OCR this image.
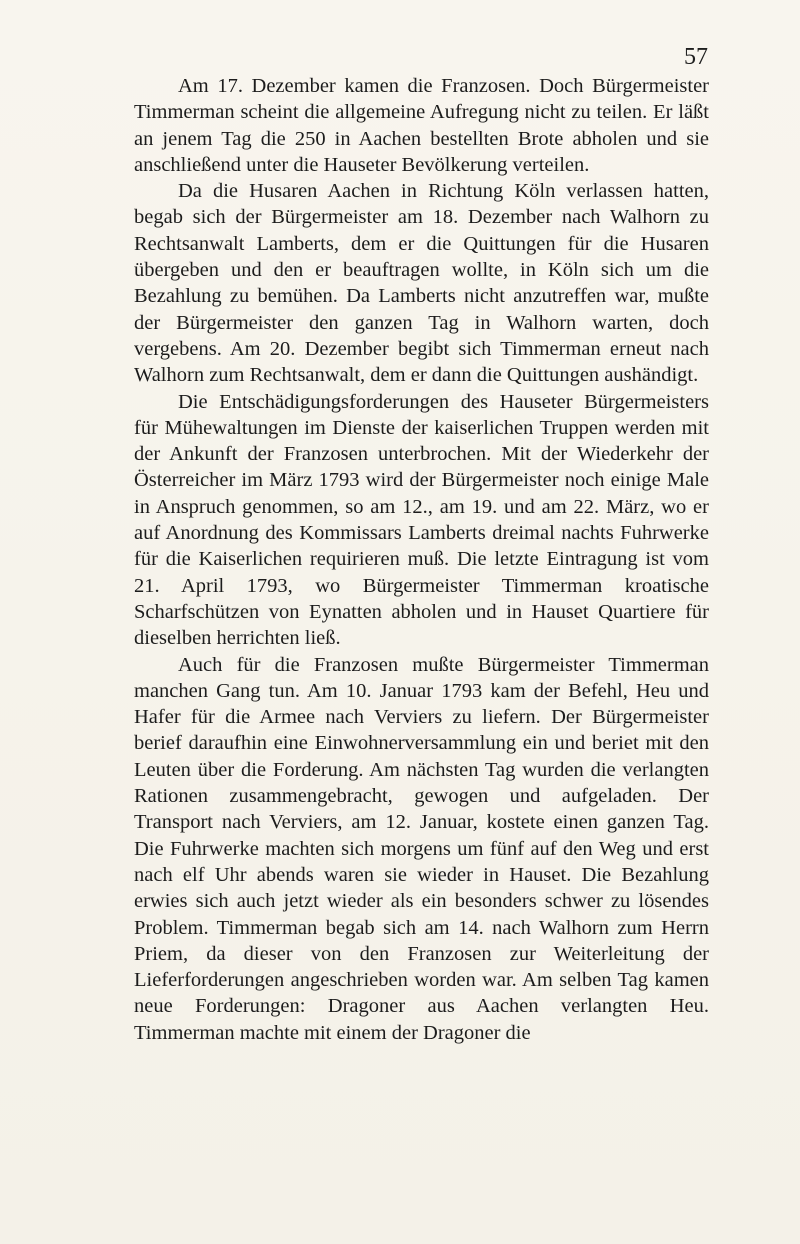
57

Am 17. Dezember kamen die Franzosen. Doch Bürgermeister Timmerman scheint die allgemeine Aufregung nicht zu teilen. Er läßt an jenem Tag die 250 in Aachen bestellten Brote abholen und sie anschließend unter die Hauseter Bevölkerung verteilen.

Da die Husaren Aachen in Richtung Köln verlassen hatten, begab sich der Bürgermeister am 18. Dezember nach Walhorn zu Rechtsanwalt Lamberts, dem er die Quittungen für die Husaren übergeben und den er beauftragen wollte, in Köln sich um die Bezahlung zu bemühen. Da Lamberts nicht anzutreffen war, mußte der Bürgermeister den ganzen Tag in Walhorn warten, doch vergebens. Am 20. Dezember begibt sich Timmerman erneut nach Walhorn zum Rechtsanwalt, dem er dann die Quittungen aushändigt.

Die Entschädigungsforderungen des Hauseter Bürgermeisters für Mühewaltungen im Dienste der kaiserlichen Truppen werden mit der Ankunft der Franzosen unterbrochen. Mit der Wiederkehr der Österreicher im März 1793 wird der Bürgermeister noch einige Male in Anspruch genommen, so am 12., am 19. und am 22. März, wo er auf Anordnung des Kommissars Lamberts dreimal nachts Fuhrwerke für die Kaiserlichen requirieren muß. Die letzte Eintragung ist vom 21. April 1793, wo Bürgermeister Timmerman kroatische Scharfschützen von Eynatten abholen und in Hauset Quartiere für dieselben herrichten ließ.

Auch für die Franzosen mußte Bürgermeister Timmerman manchen Gang tun. Am 10. Januar 1793 kam der Befehl, Heu und Hafer für die Armee nach Verviers zu liefern. Der Bürgermeister berief daraufhin eine Einwohnerversammlung ein und beriet mit den Leuten über die Forderung. Am nächsten Tag wurden die verlangten Rationen zusammengebracht, gewogen und aufgeladen. Der Transport nach Verviers, am 12. Januar, kostete einen ganzen Tag. Die Fuhrwerke machten sich morgens um fünf auf den Weg und erst nach elf Uhr abends waren sie wieder in Hauset. Die Bezahlung erwies sich auch jetzt wieder als ein besonders schwer zu lösendes Problem. Timmerman begab sich am 14. nach Walhorn zum Herrn Priem, da dieser von den Franzosen zur Weiterleitung der Lieferforderungen angeschrieben worden war. Am selben Tag kamen neue Forderungen: Dragoner aus Aachen verlangten Heu. Timmerman machte mit einem der Dragoner die
